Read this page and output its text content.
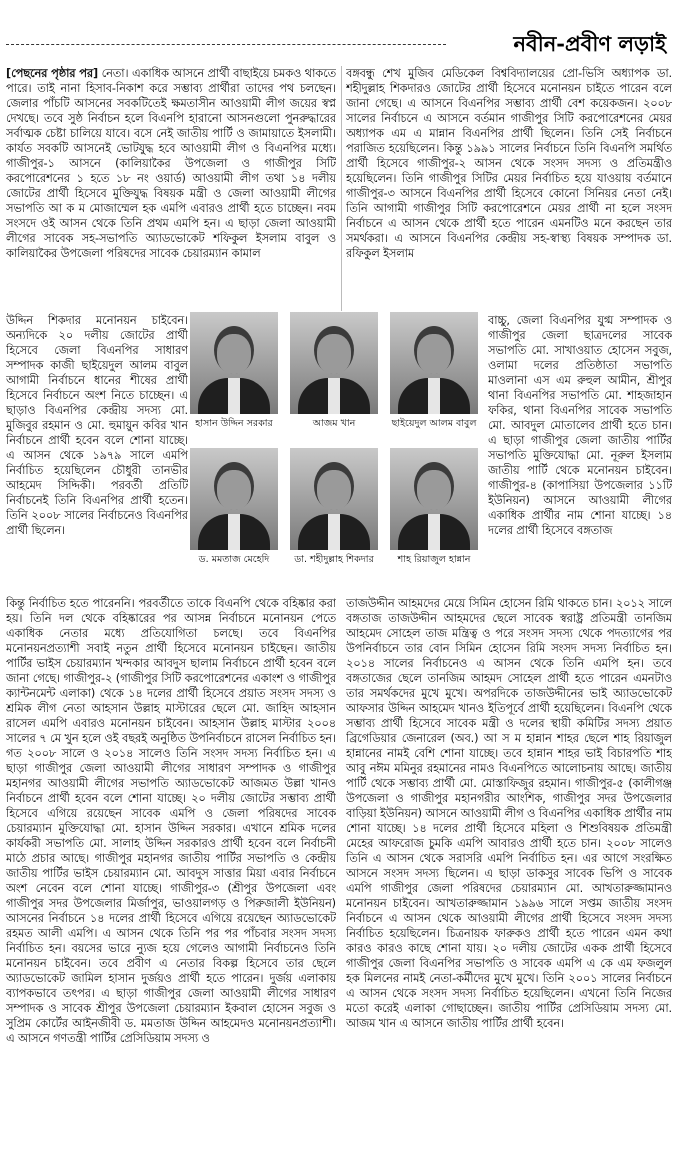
নবীন-প্রবীণ লড়াই

[পেছনের পৃষ্ঠার পর] নেতা। একাধিক আসনে প্রার্থী বাছাইয়ে চমকও থাকতে পারে। তাই নানা হিসাব-নিকাশ করে সম্ভাব্য প্রার্থীরা তাদের পথ চলছেন। জেলার পাঁচটি আসনের সবকটিতেই ক্ষমতাসীন আওয়ামী লীগ জয়ের স্বপ্ন দেখছে। তবে সুষ্ঠ নির্বাচন হলে বিএনপি হারানো আসনগুলো পুনরুদ্ধারের সর্বাত্মক চেষ্টা চালিয়ে যাবে। বসে নেই জাতীয় পার্টি ও জামায়াতে ইসলামী। কার্যত সবকটি আসনেই ভোটযুদ্ধ হবে আওয়ামী লীগ ও বিএনপির মধ্যে। গাজীপুর-১ আসনে (কালিয়াকৈর উপজেলা ও গাজীপুর সিটি করপোরেশনের ১ হতে ১৮ নং ওয়ার্ড) আওয়ামী লীগ তথা ১৪ দলীয় জোটের প্রার্থী হিসেবে মুক্তিযুদ্ধ বিষয়ক মন্ত্রী ও জেলা আওয়ামী লীগের সভাপতি আ ক ম মোজাম্মেল হক এমপি এবারও প্রার্থী হতে চাচ্ছেন। নবম সংসদে ওই আসন থেকে তিনি প্রথম এমপি হন। এ ছাড়া জেলা আওয়ামী লীগের সাবেক সহ-সভাপতি অ্যাডভোকেট শফিকুল ইসলাম বাবুল ও কালিয়াকৈর উপজেলা পরিষদের সাবেক চেয়ারম্যান কামাল

বঙ্গবন্ধু শেখ মুজিব মেডিকেল বিশ্ববিদ্যালয়ের প্রো-ভিসি অধ্যাপক ডা. শহীদুল্লাহ শিকদারও জোটের প্রার্থী হিসেবে মনোনয়ন চাইতে পারেন বলে জানা গেছে। এ আসনে বিএনপির সম্ভাব্য প্রার্থী বেশ কয়েকজন। ২০০৮ সালের নির্বাচনে এ আসনে বর্তমান গাজীপুর সিটি করপোরেশনের মেয়র অধ্যাপক এম এ মান্নান বিএনপির প্রার্থী ছিলেন। তিনি সেই নির্বাচনে পরাজিত হয়েছিলেন। কিন্তু ১৯৯১ সালের নির্বাচনে তিনি বিএনপি সমর্থিত প্রার্থী হিসেবে গাজীপুর-২ আসন থেকে সংসদ সদস্য ও প্রতিমন্ত্রীও হয়েছিলেন। তিনি গাজীপুর সিটির মেয়র নির্বাচিত হয়ে যাওয়ায় বর্তমানে গাজীপুর-৩ আসনে বিএনপির প্রার্থী হিসেবে কোনো সিনিয়র নেতা নেই। তিনি আগামী গাজীপুর সিটি করপোরেশনে মেয়র প্রার্থী না হলে সংসদ নির্বাচনে এ আসন থেকে প্রার্থী হতে পারেন এমনটিও মনে করছেন তার সমর্থকরা। এ আসনে বিএনপির কেন্দ্রীয় সহ-স্বাস্থ্য বিষয়ক সম্পাদক ডা. রফিকুল ইসলাম

উদ্দিন শিকদার মনোনয়ন চাইবেন। অন্যদিকে ২০ দলীয় জোটের প্রার্থী হিসেবে জেলা বিএনপির সাধারণ সম্পাদক কাজী ছাইয়েদুল আলম বাবুল আগামী নির্বাচনে ধানের শীষের প্রার্থী হিসেবে নির্বাচনে অংশ নিতে চাচ্ছেন। এ ছাড়াও বিএনপির কেন্দ্রীয় সদস্য মো. মুজিবুর রহমান ও মো. হুমায়ুন কবির খান নির্বাচনে প্রার্থী হবেন বলে শোনা যাচ্ছে। এ আসন থেকে ১৯৭৯ সালে এমপি নির্বাচিত হয়েছিলেন চৌধুরী তানভীর আহমেদ সিদ্দিকী। পরবর্তী প্রতিটি নির্বাচনেই তিনি বিএনপির প্রার্থী হতেন। তিনি ২০০৮ সালের নির্বাচনেও বিএনপির প্রার্থী ছিলেন।

হাসান উদ্দিন সরকার	আজম খান	ছাইয়েদুল আলম বাবুল
ড. মমতাজ মেহেদি	ডা. শহীদুল্লাহ শিকদার	শাহ রিয়াজুল হান্নান

বাচ্চু, জেলা বিএনপির যুগ্ম সম্পাদক ও গাজীপুর জেলা ছাত্রদলের সাবেক সভাপতি মো. সাখাওয়াত হোসেন সবুজ, ওলামা দলের প্রতিষ্ঠাতা সভাপতি মাওলানা এস এম রুহুল আমীন, শ্রীপুর থানা বিএনপির সভাপতি মো. শাহজাহান ফকির, থানা বিএনপির সাবেক সভাপতি মো. আবদুল মোতালেব প্রার্থী হতে চান। এ ছাড়া গাজীপুর জেলা জাতীয় পার্টির সভাপতি মুক্তিযোদ্ধা মো. নূরুল ইসলাম জাতীয় পার্টি থেকে মনোনয়ন চাইবেন। গাজীপুর-৪ (কাপাসিয়া উপজেলার ১১টি ইউনিয়ন) আসনে আওয়ামী লীগের একাধিক প্রার্থীর নাম শোনা যাচ্ছে। ১৪ দলের প্রার্থী হিসেবে বঙ্গতাজ

কিন্তু নির্বাচিত হতে পারেননি। পরবর্তীতে তাকে বিএনপি থেকে বহিষ্কার করা হয়। তিনি দল থেকে বহিষ্কারের পর আসন্ন নির্বাচনে মনোনয়ন পেতে একাধিক নেতার মধ্যে প্রতিযোগিতা চলছে। তবে বিএনপির মনোনয়নপ্রত্যাশী সবাই নতুন প্রার্থী হিসেবে মনোনয়ন চাইছেন। জাতীয় পার্টির ভাইস চেয়ারম্যান খন্দকার আবদুস ছালাম নির্বাচনে প্রার্থী হবেন বলে জানা গেছে। গাজীপুর-২ (গাজীপুর সিটি করপোরেশনের একাংশ ও গাজীপুর ক্যান্টনমেন্ট এলাকা) থেকে ১৪ দলের প্রার্থী হিসেবে প্রয়াত সংসদ সদস্য ও শ্রমিক লীগ নেতা আহসান উল্লাহ মাস্টারের ছেলে মো. জাহিদ আহসান রাসেল এমপি এবারও মনোনয়ন চাইবেন। আহসান উল্লাহ মাস্টার ২০০৪ সালের ৭ মে খুন হলে ওই বছরই অনুষ্ঠিত উপনির্বাচনে রাসেল নির্বাচিত হন। গত ২০০৮ সালে ও ২০১৪ সালেও তিনি সংসদ সদস্য নির্বাচিত হন। এ ছাড়া গাজীপুর জেলা আওয়ামী লীগের সাধারণ সম্পাদক ও গাজীপুর মহানগর আওয়ামী লীগের সভাপতি অ্যাডভোকেট আজমত উল্লা খানও নির্বাচনে প্রার্থী হবেন বলে শোনা যাচ্ছে। ২০ দলীয় জোটের সম্ভাব্য প্রার্থী হিসেবে এগিয়ে রয়েছেন সাবেক এমপি ও জেলা পরিষদের সাবেক চেয়ারম্যান মুক্তিযোদ্ধা মো. হাসান উদ্দিন সরকার। এখানে শ্রমিক দলের কার্যকরী সভাপতি মো. সালাহ উদ্দিন সরকারও প্রার্থী হবেন বলে নির্বাচনী মাঠে প্রচার আছে। গাজীপুর মহানগর জাতীয় পার্টির সভাপতি ও কেন্দ্রীয় জাতীয় পার্টির ভাইস চেয়ারম্যান মো. আবদুস সাত্তার মিয়া এবার নির্বাচনে অংশ নেবেন বলে শোনা যাচ্ছে। গাজীপুর-৩ (শ্রীপুর উপজেলা এবং গাজীপুর সদর উপজেলার মির্জাপুর, ভাওয়ালগড় ও পিরুজালী ইউনিয়ন) আসনের নির্বাচনে ১৪ দলের প্রার্থী হিসেবে এগিয়ে রয়েছেন অ্যাডভোকেট রহমত আলী এমপি। এ আসন থেকে তিনি পর পর পাঁচবার সংসদ সদস্য নির্বাচিত হন। বয়সের ভারে ন্যুজ হয়ে গেলেও আগামী নির্বাচনেও তিনি মনোনয়ন চাইবেন। তবে প্রবীণ এ নেতার বিকল্প হিসেবে তার ছেলে অ্যাডভোকেট জামিল হাসান দুর্জয়ও প্রার্থী হতে পারেন। দুর্জয় এলাকায় ব্যাপকভাবে তৎপর। এ ছাড়া গাজীপুর জেলা আওয়ামী লীগের সাধারণ সম্পাদক ও সাবেক শ্রীপুর উপজেলা চেয়ারম্যান ইকবাল হোসেন সবুজ ও সুপ্রিম কোর্টের আইনজীবী ড. মমতাজ উদ্দিন আহমেদও মনোনয়নপ্রত্যাশী। এ আসনে গণতন্ত্রী পার্টির প্রেসিডিয়াম সদস্য ও

তাজউদ্দীন আহমদের মেয়ে সিমিন হোসেন রিমি থাকতে চান। ২০১২ সালে বঙ্গতাজ তাজউদ্দীন আহমদের ছেলে সাবেক স্বরাষ্ট্র প্রতিমন্ত্রী তানজিম আহমেদ সোহেল তাজ মন্ত্রিত্ব ও পরে সংসদ সদস্য থেকে পদত্যাগের পর উপনির্বাচনে তার বোন সিমিন হোসেন রিমি সংসদ সদস্য নির্বাচিত হন। ২০১৪ সালের নির্বাচনেও এ আসন থেকে তিনি এমপি হন। তবে বঙ্গতাজের ছেলে তানজিম আহমদ সোহেল প্রার্থী হতে পারেন এমনটাও তার সমর্থকদের মুখে মুখে। অপরদিকে তাজউদ্দীনের ভাই অ্যাডভোকেট আফসার উদ্দিন আহমেদ খানও ইতিপূর্বে প্রার্থী হয়েছিলেন। বিএনপি থেকে সম্ভাব্য প্রার্থী হিসেবে সাবেক মন্ত্রী ও দলের স্থায়ী কমিটির সদস্য প্রয়াত ব্রিগেডিয়ার জেনারেল (অব.) আ স ম হান্নান শাহর ছেলে শাহ রিয়াজুল হান্নানের নামই বেশি শোনা যাচ্ছে। তবে হান্নান শাহর ভাই বিচারপতি শাহ আবু নঈম মমিনুর রহমানের নামও বিএনপিতে আলোচনায় আছে। জাতীয় পার্টি থেকে সম্ভাব্য প্রার্থী মো. মোস্তাফিজুর রহমান। গাজীপুর-৫ (কালীগঞ্জ উপজেলা ও গাজীপুর মহানগরীর আংশিক, গাজীপুর সদর উপজেলার বাড়িয়া ইউনিয়ন) আসনে আওয়ামী লীগ ও বিএনপির একাধিক প্রার্থীর নাম শোনা যাচ্ছে। ১৪ দলের প্রার্থী হিসেবে মহিলা ও শিশুবিষয়ক প্রতিমন্ত্রী মেহের আফরোজ চুমকি এমপি আবারও প্রার্থী হতে চান। ২০০৮ সালেও তিনি এ আসন থেকে সরাসরি এমপি নির্বাচিত হন। এর আগে সংরক্ষিত আসনে সংসদ সদস্য ছিলেন। এ ছাড়া ডাকসুর সাবেক ভিপি ও সাবেক এমপি গাজীপুর জেলা পরিষদের চেয়ারম্যান মো. আখতারুজ্জামানও মনোনয়ন চাইবেন। আখতারুজ্জামান ১৯৯৬ সালে সপ্তম জাতীয় সংসদ নির্বাচনে এ আসন থেকে আওয়ামী লীগের প্রার্থী হিসেবে সংসদ সদস্য নির্বাচিত হয়েছিলেন। চিত্রনায়ক ফারুকও প্রার্থী হতে পারেন এমন কথা কারও কারও কাছে শোনা যায়। ২০ দলীয় জোটের একক প্রার্থী হিসেবে গাজীপুর জেলা বিএনপির সভাপতি ও সাবেক এমপি এ কে এম ফজলুল হক মিলনের নামই নেতা-কর্মীদের মুখে মুখে। তিনি ২০০১ সালের নির্বাচনে এ আসন থেকে সংসদ সদস্য নির্বাচিত হয়েছিলেন। এখনো তিনি নিজের মতো করেই এলাকা গোছাচ্ছেন। জাতীয় পার্টির প্রেসিডিয়াম সদস্য মো. আজম খান এ আসনে জাতীয় পার্টির প্রার্থী হবেন।
